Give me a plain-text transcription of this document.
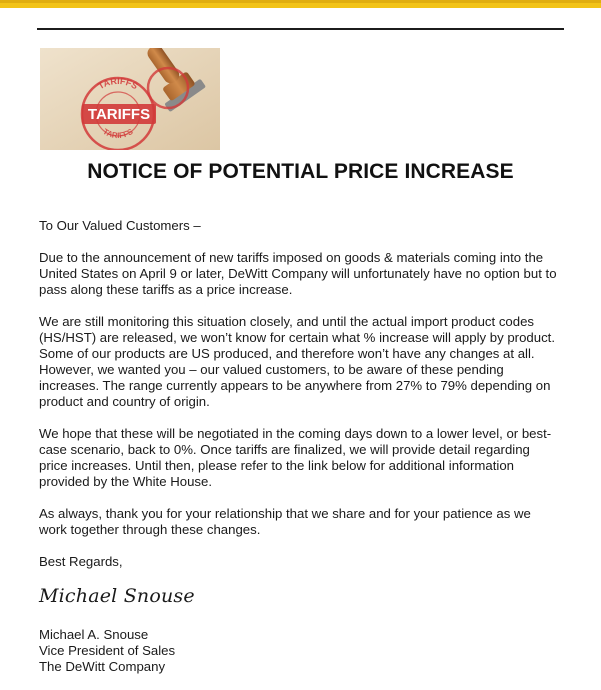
TARIFFS
TARIFFS
TARIFFS
NOTICE OF POTENTIAL PRICE INCREASE

To Our Valued Customers –

Due to the announcement of new tariffs imposed on goods & materials coming into the United States on April 9 or later, DeWitt Company will unfortunately have no option but to pass along these tariffs as a price increase.

We are still monitoring this situation closely, and until the actual import product codes (HS/HST) are released, we won’t know for certain what % increase will apply by product. Some of our products are US produced, and therefore won’t have any changes at all. However, we wanted you – our valued customers, to be aware of these pending increases. The range currently appears to be anywhere from 27% to 79% depending on product and country of origin.

We hope that these will be negotiated in the coming days down to a lower level, or best-case scenario, back to 0%. Once tariffs are finalized, we will provide detail regarding price increases. Until then, please refer to the link below for additional information provided by the White House.

As always, thank you for your relationship that we share and for your patience as we work together through these changes.

Best Regards,

Michael Snouse
Michael A. Snouse
Vice President of Sales
The DeWitt Company
